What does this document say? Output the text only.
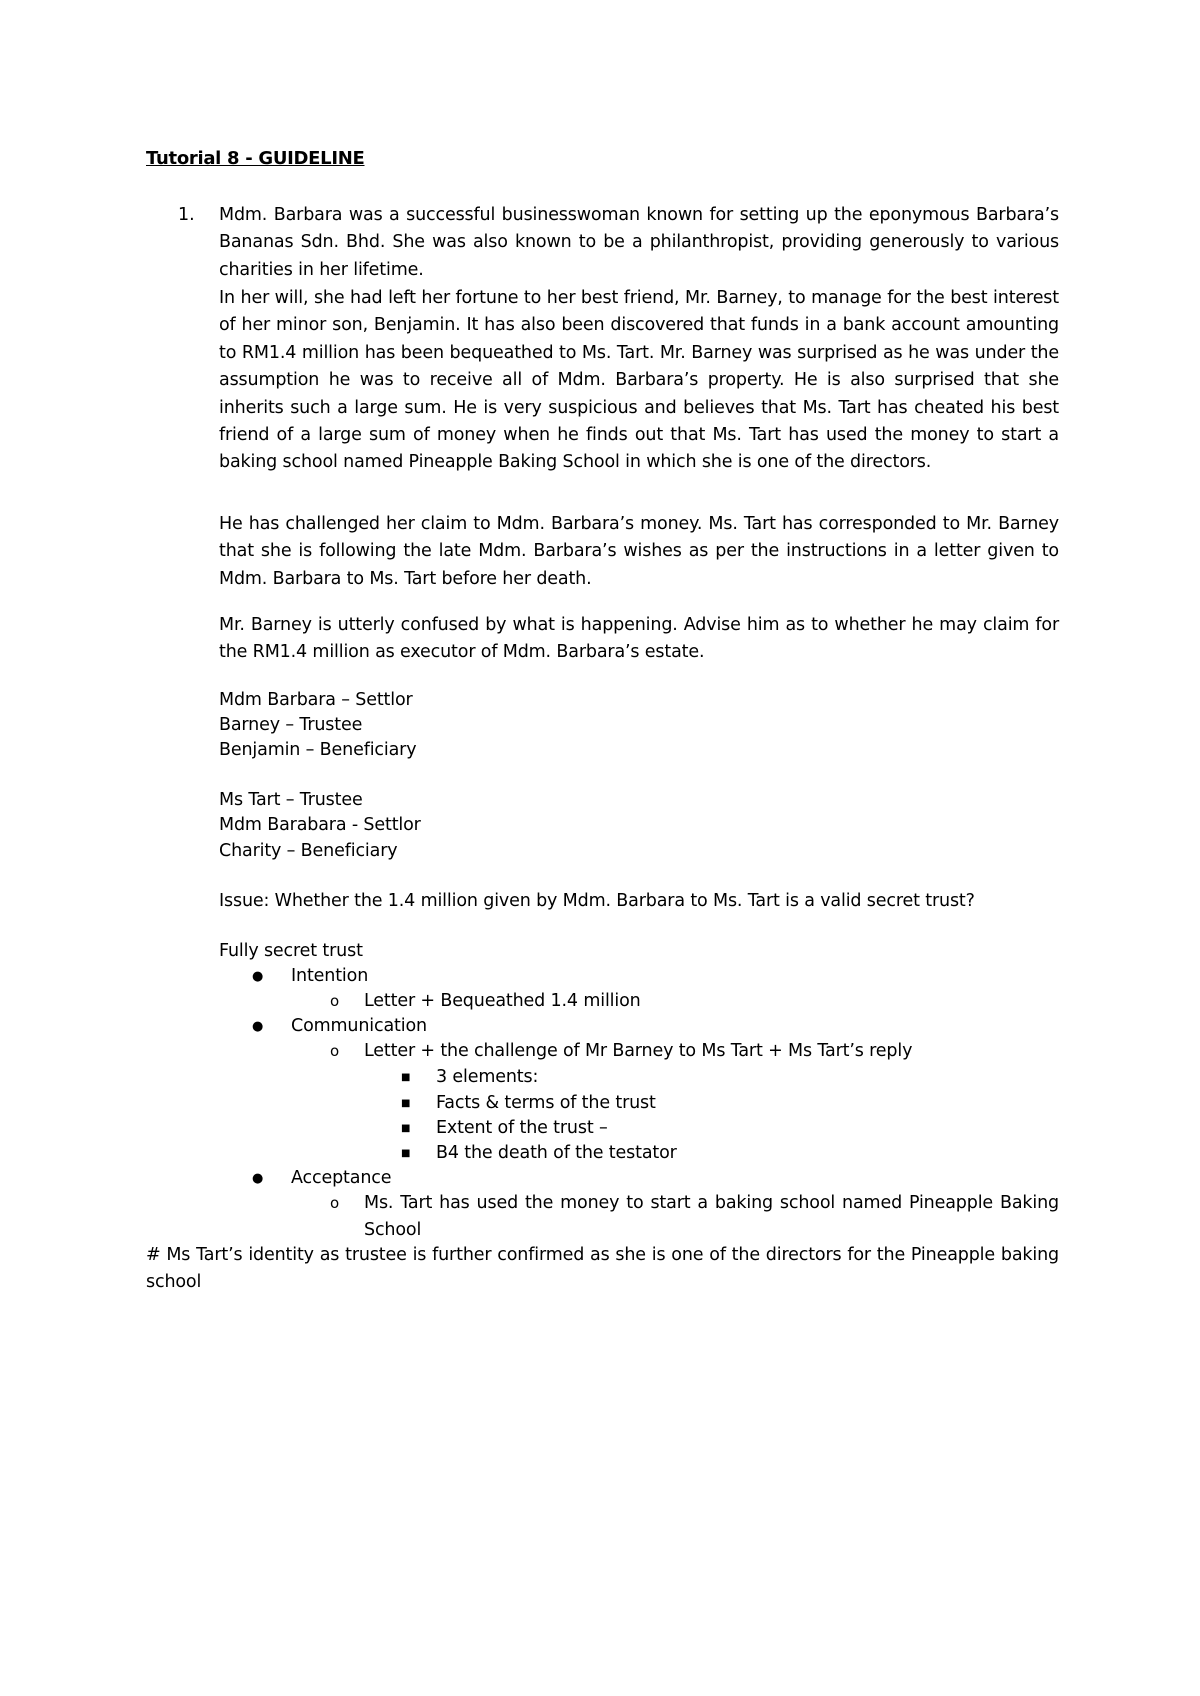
Tutorial 8 - GUIDELINE
1. Mdm. Barbara was a successful businesswoman known for setting up the eponymous Barbara’s Bananas Sdn. Bhd. She was also known to be a philanthropist, providing generously to various charities in her lifetime.

In her will, she had left her fortune to her best friend, Mr. Barney, to manage for the best interest of her minor son, Benjamin. It has also been discovered that funds in a bank account amounting to RM1.4 million has been bequeathed to Ms. Tart. Mr. Barney was surprised as he was under the assumption he was to receive all of Mdm. Barbara’s property. He is also surprised that she inherits such a large sum. He is very suspicious and believes that Ms. Tart has cheated his best friend of a large sum of money when he finds out that Ms. Tart has used the money to start a baking school named Pineapple Baking School in which she is one of the directors.

He has challenged her claim to Mdm. Barbara’s money. Ms. Tart has corresponded to Mr. Barney that she is following the late Mdm. Barbara’s wishes as per the instructions in a letter given to Mdm. Barbara to Ms. Tart before her death.

Mr. Barney is utterly confused by what is happening. Advise him as to whether he may claim for the RM1.4 million as executor of Mdm. Barbara’s estate.

Mdm Barbara – Settlor

Barney – Trustee

Benjamin – Beneficiary

Ms Tart – Trustee

Mdm Barabara - Settlor

Charity – Beneficiary

Issue: Whether the 1.4 million given by Mdm. Barbara to Ms. Tart is a valid secret trust?

Fully secret trust

● Intention

o Letter + Bequeathed 1.4 million

● Communication

o Letter + the challenge of Mr Barney to Ms Tart + Ms Tart’s reply

■ 3 elements:

■ Facts & terms of the trust

■ Extent of the trust –

■ B4 the death of the testator

● Acceptance

o Ms. Tart has used the money to start a baking school named Pineapple Baking School

# Ms Tart’s identity as trustee is further confirmed as she is one of the directors for the Pineapple baking school
